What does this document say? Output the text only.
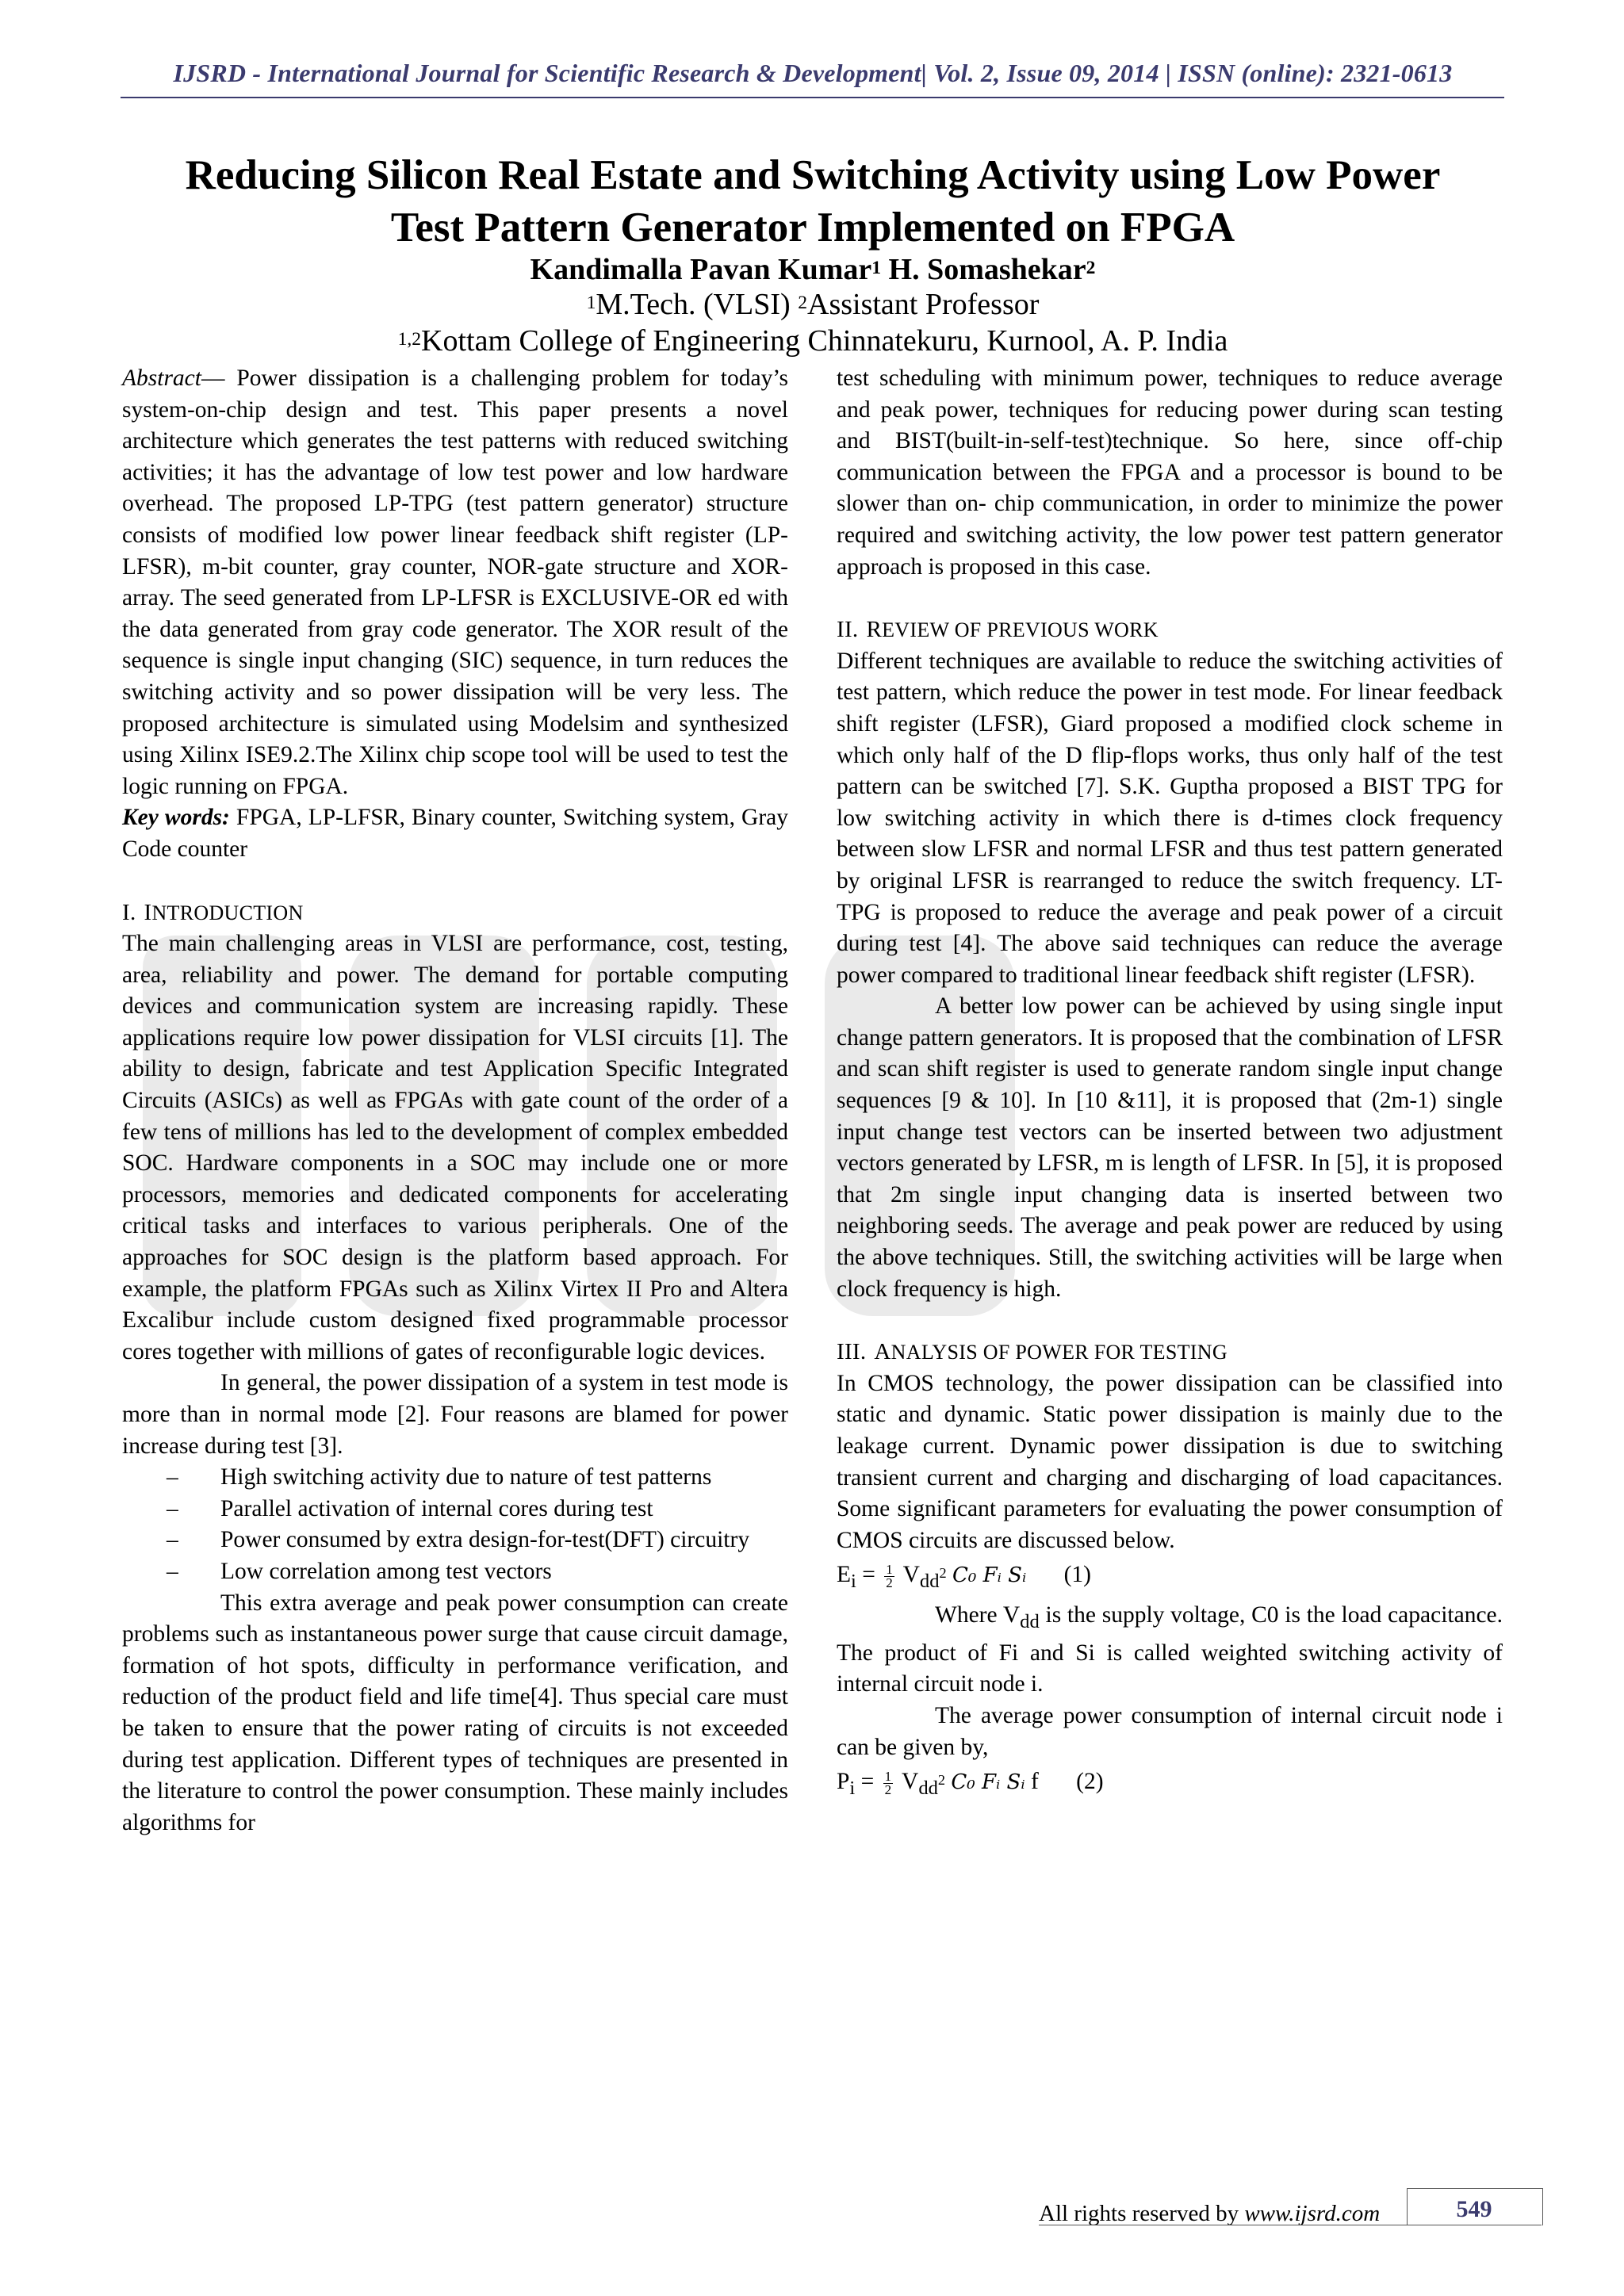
IJSRD - International Journal for Scientific Research & Development| Vol. 2, Issue 09, 2014 | ISSN (online): 2321-0613
Reducing Silicon Real Estate and Switching Activity using Low Power
Test Pattern Generator Implemented on FPGA
Kandimalla Pavan Kumar$^1$ H. Somashekar$^2$
$^1$M.Tech. (VLSI) $^2$Assistant Professor
$^{1,2}$Kottam College of Engineering Chinnatekuru, Kurnool, A. P. India

Abstract— Power dissipation is a challenging problem for today’s system-on-chip design and test. This paper presents a novel architecture which generates the test patterns with reduced switching activities; it has the advantage of low test power and low hardware overhead. The proposed LP-TPG (test pattern generator) structure consists of modified low power linear feedback shift register (LP-LFSR), m-bit counter, gray counter, NOR-gate structure and XOR-array. The seed generated from LP-LFSR is EXCLUSIVE-OR ed with the data generated from gray code generator. The XOR result of the sequence is single input changing (SIC) sequence, in turn reduces the switching activity and so power dissipation will be very less. The proposed architecture is simulated using Modelsim and synthesized using Xilinx ISE9.2.The Xilinx chip scope tool will be used to test the logic running on FPGA.

Key words: FPGA, LP-LFSR, Binary counter, Switching system, Gray Code counter

I. INTRODUCTION

The main challenging areas in VLSI are performance, cost, testing, area, reliability and power. The demand for portable computing devices and communication system are increasing rapidly. These applications require low power dissipation for VLSI circuits [1]. The ability to design, fabricate and test Application Specific Integrated Circuits (ASICs) as well as FPGAs with gate count of the order of a few tens of millions has led to the development of complex embedded SOC. Hardware components in a SOC may include one or more processors, memories and dedicated components for accelerating critical tasks and interfaces to various peripherals. One of the approaches for SOC design is the platform based approach. For example, the platform FPGAs such as Xilinx Virtex II Pro and Altera Excalibur include custom designed fixed programmable processor cores together with millions of gates of reconfigurable logic devices.

In general, the power dissipation of a system in test mode is more than in normal mode [2]. Four reasons are blamed for power increase during test [3].

– High switching activity due to nature of test patterns
– Parallel activation of internal cores during test
– Power consumed by extra design-for-test(DFT) circuitry
– Low correlation among test vectors

This extra average and peak power consumption can create problems such as instantaneous power surge that cause circuit damage, formation of hot spots, difficulty in performance verification, and reduction of the product field and life time[4]. Thus special care must be taken to ensure that the power rating of circuits is not exceeded during test application. Different types of techniques are presented in the literature to control the power consumption. These mainly includes algorithms for

test scheduling with minimum power, techniques to reduce average and peak power, techniques for reducing power during scan testing and BIST(built-in-self-test)technique. So here, since off-chip communication between the FPGA and a processor is bound to be slower than on- chip communication, in order to minimize the power required and switching activity, the low power test pattern generator approach is proposed in this case.

II. REVIEW OF PREVIOUS WORK

Different techniques are available to reduce the switching activities of test pattern, which reduce the power in test mode. For linear feedback shift register (LFSR), Giard proposed a modified clock scheme in which only half of the D flip-flops works, thus only half of the test pattern can be switched [7]. S.K. Guptha proposed a BIST TPG for low switching activity in which there is d-times clock frequency between slow LFSR and normal LFSR and thus test pattern generated by original LFSR is rearranged to reduce the switch frequency. LT-TPG is proposed to reduce the average and peak power of a circuit during test [4]. The above said techniques can reduce the average power compared to traditional linear feedback shift register (LFSR).

A better low power can be achieved by using single input change pattern generators. It is proposed that the combination of LFSR and scan shift register is used to generate random single input change sequences [9 & 10]. In [10 &11], it is proposed that (2m-1) single input change test vectors can be inserted between two adjustment vectors generated by LFSR, m is length of LFSR. In [5], it is proposed that 2m single input changing data is inserted between two neighboring seeds. The average and peak power are reduced by using the above techniques. Still, the switching activities will be large when clock frequency is high.

III. ANALYSIS OF POWER FOR TESTING

In CMOS technology, the power dissipation can be classified into static and dynamic. Static power dissipation is mainly due to the leakage current. Dynamic power dissipation is due to switching transient current and charging and discharging of load capacitances. Some significant parameters for evaluating the power consumption of CMOS circuits are discussed below.

$E_i = \frac{1}{2} V_{dd}^2$ C₀ Fᵢ Sᵢ (1)

Where $V_{dd}$ is the supply voltage, C0 is the load capacitance. The product of Fi and Si is called weighted switching activity of internal circuit node i.

The average power consumption of internal circuit node i can be given by,

$P_i = \frac{1}{2} V_{dd}^2$ C₀ Fᵢ Sᵢ f (2)

All rights reserved by www.ijsrd.com	549
